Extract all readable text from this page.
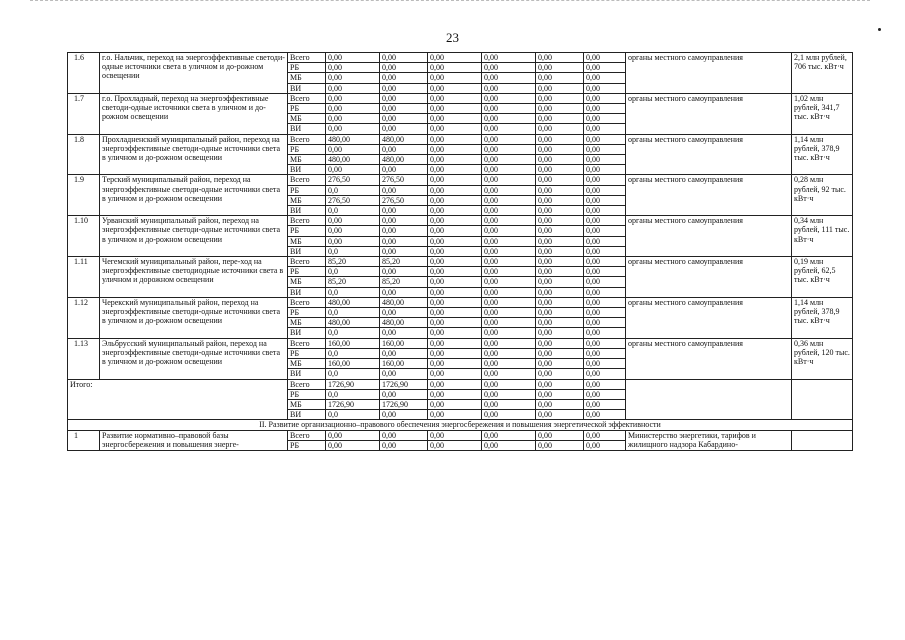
23
1.6	г.о. Нальчик, переход на энергоэффективные светоди-одные источники света в уличном и до-рожном освещении	Всего	0,00	0,00	0,00	0,00	0,00	0,00	органы местного самоуправления	2,1 млн рублей, 706 тыс. кВт·ч
		РБ	0,00	0,00	0,00	0,00	0,00	0,00		
		МБ	0,00	0,00	0,00	0,00	0,00	0,00		
		ВИ	0,00	0,00	0,00	0,00	0,00	0,00		
1.7	г.о. Прохладный, переход на энергоэффективные светоди-одные источники света в уличном и до-рожном освещении	Всего	0,00	0,00	0,00	0,00	0,00	0,00	органы местного самоуправления	1,02 млн рублей, 341,7 тыс. кВт·ч
		РБ	0,00	0,00	0,00	0,00	0,00	0,00		
		МБ	0,00	0,00	0,00	0,00	0,00	0,00		
		ВИ	0,00	0,00	0,00	0,00	0,00	0,00		
1.8	Прохладненский муниципальный район, переход на энергоэффективные светоди-одные источники света в уличном и до-рожном освещении	Всего	480,00	480,00	0,00	0,00	0,00	0,00	органы местного самоуправления	1,14 млн рублей, 378,9 тыс. кВт·ч
		РБ	0,00	0,00	0,00	0,00	0,00	0,00		
		МБ	480,00	480,00	0,00	0,00	0,00	0,00		
		ВИ	0,00	0,00	0,00	0,00	0,00	0,00		
1.9	Терский муниципальный район, переход на энергоэффективные светоди-одные источники света в уличном и до-рожном освещении	Всего	276,50	276,50	0,00	0,00	0,00	0,00	органы местного самоуправления	0,28 млн рублей, 92 тыс. кВт·ч
		РБ	0,0	0,00	0,00	0,00	0,00	0,00		
		МБ	276,50	276,50	0,00	0,00	0,00	0,00		
		ВИ	0,0	0,00	0,00	0,00	0,00	0,00		
1.10	Урванский муниципальный район, переход на энергоэффективные светоди-одные источники света в уличном и до-рожном освещении	Всего	0,00	0,00	0,00	0,00	0,00	0,00	органы местного самоуправления	0,34 млн рублей, 111 тыс. кВт·ч
		РБ	0,00	0,00	0,00	0,00	0,00	0,00		
		МБ	0,00	0,00	0,00	0,00	0,00	0,00		
		ВИ	0,0	0,00	0,00	0,00	0,00	0,00		
1.11	Чегемский муниципальный район, пере-ход на энергоэффективные светодиодные источники света в уличном и дорожном освещении	Всего	85,20	85,20	0,00	0,00	0,00	0,00	органы местного самоуправления	0,19 млн рублей, 62,5 тыс. кВт·ч
		РБ	0,0	0,00	0,00	0,00	0,00	0,00		
		МБ	85,20	85,20	0,00	0,00	0,00	0,00		
		ВИ	0,0	0,00	0,00	0,00	0,00	0,00		
1.12	Черекский муниципальный район, переход на энергоэффективные светоди-одные источники света в уличном и до-рожном освещении	Всего	480,00	480,00	0,00	0,00	0,00	0,00	органы местного самоуправления	1,14 млн рублей, 378,9 тыс. кВт·ч
		РБ	0,0	0,00	0,00	0,00	0,00	0,00		
		МБ	480,00	480,00	0,00	0,00	0,00	0,00		
		ВИ	0,0	0,00	0,00	0,00	0,00	0,00		
1.13	Эльбрусский муниципальный район, переход на энергоэффективные светоди-одные источники света в уличном и до-рожном освещении	Всего	160,00	160,00	0,00	0,00	0,00	0,00	органы местного самоуправления	0,36 млн рублей, 120 тыс. кВт·ч
		РБ	0,0	0,00	0,00	0,00	0,00	0,00		
		МБ	160,00	160,00	0,00	0,00	0,00	0,00		
		ВИ	0,0	0,00	0,00	0,00	0,00	0,00		
Итого:		Всего	1726,90	1726,90	0,00	0,00	0,00	0,00		
		РБ	0,0	0,00	0,00	0,00	0,00	0,00		
		МБ	1726,90	1726,90	0,00	0,00	0,00	0,00		
		ВИ	0,0	0,00	0,00	0,00	0,00	0,00		
II. Развитие организационно–правового обеспечения энергосбережения и повышения энергетической эффективности										
1	Развитие нормативно–правовой базы энергосбережения и повышения энерге-	Всего	0,00	0,00	0,00	0,00	0,00	0,00	Министерство энергетики, тарифов и жилищного надзора Кабардино-	
		РБ	0,00	0,00	0,00	0,00	0,00	0,00		
